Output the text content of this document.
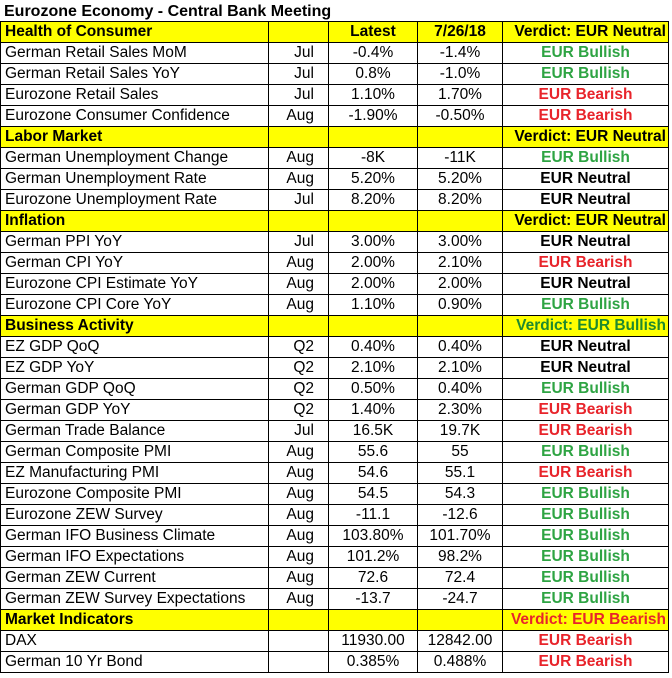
Eurozone Economy - Central Bank Meeting
Health of Consumer		Latest	7/26/18	Verdict: EUR Neutral
German Retail Sales MoM	Jul	-0.4%	-1.4%	EUR Bullish
German Retail Sales YoY	Jul	0.8%	-1.0%	EUR Bullish
Eurozone Retail Sales	Jul	1.10%	1.70%	EUR Bearish
Eurozone Consumer Confidence	Aug	-1.90%	-0.50%	EUR Bearish
Labor Market				Verdict: EUR Neutral
German Unemployment Change	Aug	-8K	-11K	EUR Bullish
German Unemployment Rate	Aug	5.20%	5.20%	EUR Neutral
Eurozone Unemployment Rate	Jul	8.20%	8.20%	EUR Neutral
Inflation				Verdict: EUR Neutral
German PPI YoY	Jul	3.00%	3.00%	EUR Neutral
German CPI YoY	Aug	2.00%	2.10%	EUR Bearish
Eurozone CPI Estimate YoY	Aug	2.00%	2.00%	EUR Neutral
Eurozone CPI Core YoY	Aug	1.10%	0.90%	EUR Bullish
Business Activity				Verdict: EUR Bullish
EZ GDP QoQ	Q2	0.40%	0.40%	EUR Neutral
EZ GDP YoY	Q2	2.10%	2.10%	EUR Neutral
German GDP QoQ	Q2	0.50%	0.40%	EUR Bullish
German GDP YoY	Q2	1.40%	2.30%	EUR Bearish
German Trade Balance	Jul	16.5K	19.7K	EUR Bearish
German Composite PMI	Aug	55.6	55	EUR Bullish
EZ Manufacturing PMI	Aug	54.6	55.1	EUR Bearish
Eurozone Composite PMI	Aug	54.5	54.3	EUR Bullish
Eurozone ZEW Survey	Aug	-11.1	-12.6	EUR Bullish
German IFO Business Climate	Aug	103.80%	101.70%	EUR Bullish
German IFO Expectations	Aug	101.2%	98.2%	EUR Bullish
German ZEW Current	Aug	72.6	72.4	EUR Bullish
German ZEW Survey Expectations	Aug	-13.7	-24.7	EUR Bullish
Market Indicators				Verdict: EUR Bearish
DAX		11930.00	12842.00	EUR Bearish
German 10 Yr Bond		0.385%	0.488%	EUR Bearish
